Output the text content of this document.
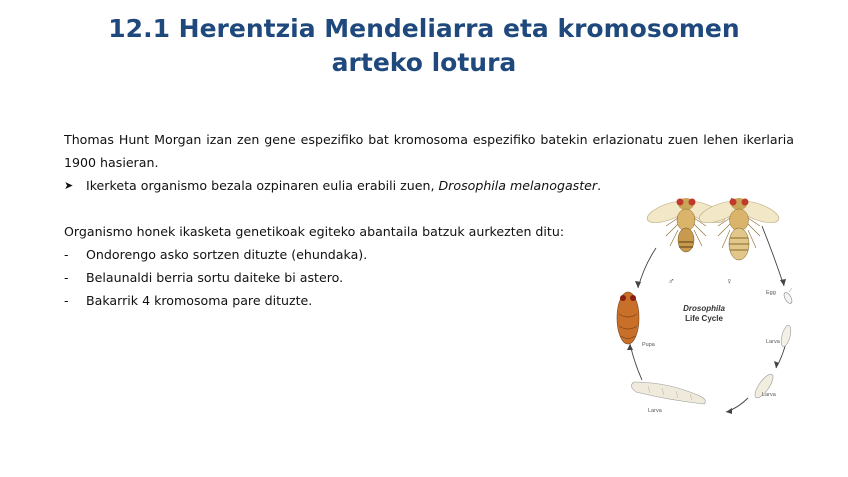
12.1 Herentzia Mendeliarra eta kromosomen
arteko lotura
Thomas Hunt Morgan izan zen gene espezifiko bat kromosoma espezifiko batekin erlazionatu zuen lehen ikerlaria 1900 hasieran.
➤	Ikerketa organismo bezala ozpinaren eulia erabili zuen, Drosophila melanogaster.
Organismo honek ikasketa genetikoak egiteko abantaila batzuk aurkezten ditu:
-	Ondorengo asko sortzen dituzte (ehundaka).
-	Belaunaldi berria sortu daiteke bi astero.
-	Bakarrik 4 kromosoma pare dituzte.
Drosophila
Life Cycle
♂	♀
Egg
Larva
Larva
Larva
Pupa
